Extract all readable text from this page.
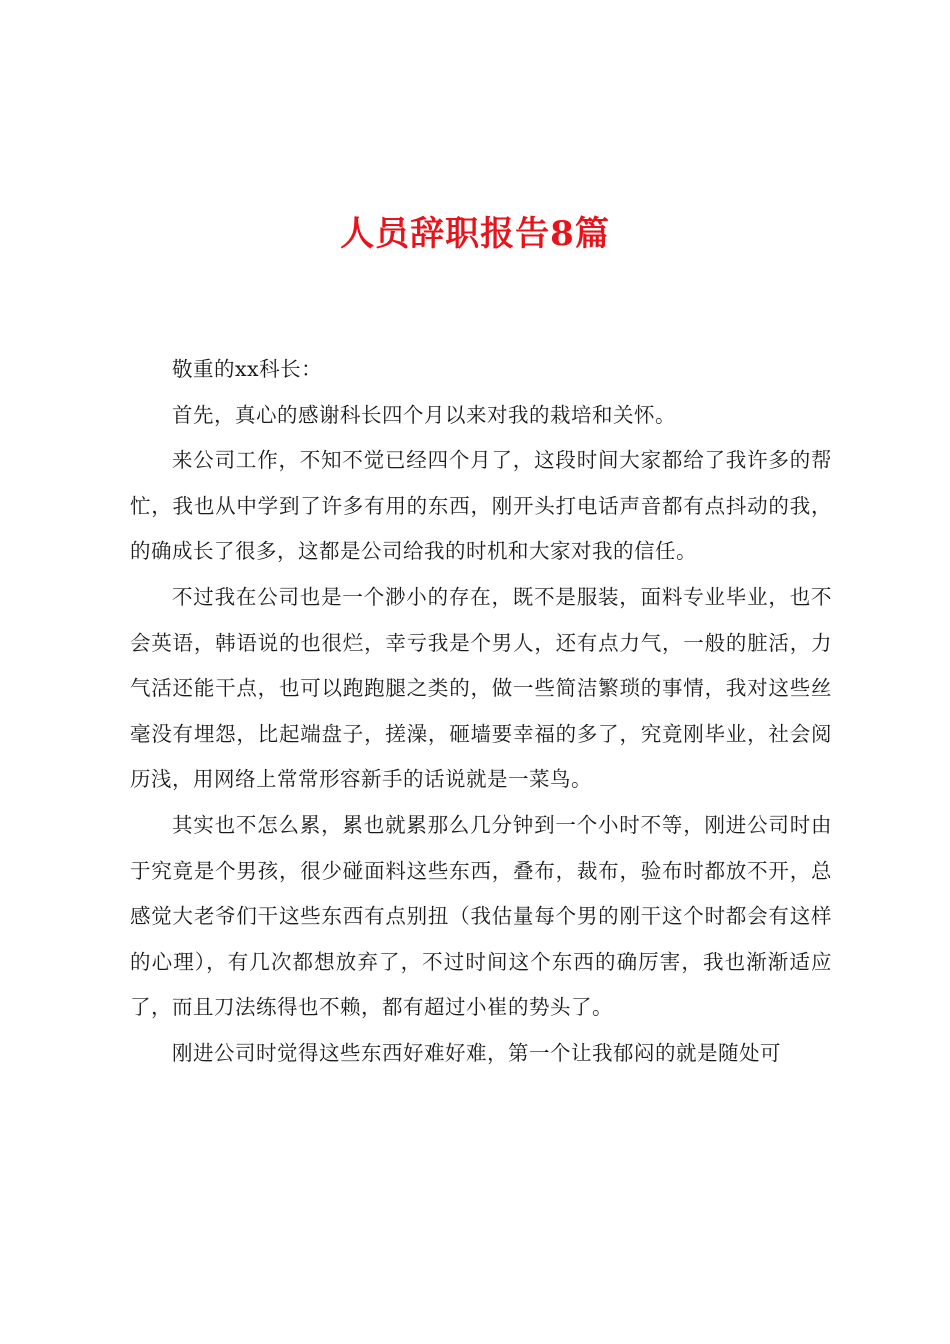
人员辞职报告8篇

敬重的xx科长：

首先，真心的感谢科长四个月以来对我的栽培和关怀。

来公司工作，不知不觉已经四个月了，这段时间大家都给了我许多的帮忙，我也从中学到了许多有用的东西，刚开头打电话声音都有点抖动的我，的确成长了很多，这都是公司给我的时机和大家对我的信任。

不过我在公司也是一个渺小的存在，既不是服装，面料专业毕业，也不会英语，韩语说的也很烂，幸亏我是个男人，还有点力气，一般的脏活，力气活还能干点，也可以跑跑腿之类的，做一些简洁繁琐的事情，我对这些丝毫没有埋怨，比起端盘子，搓澡，砸墙要幸福的多了，究竟刚毕业，社会阅历浅，用网络上常常形容新手的话说就是一菜鸟。

其实也不怎么累，累也就累那么几分钟到一个小时不等，刚进公司时由于究竟是个男孩，很少碰面料这些东西，叠布，裁布，验布时都放不开，总感觉大老爷们干这些东西有点别扭（我估量每个男的刚干这个时都会有这样的心理），有几次都想放弃了，不过时间这个东西的确厉害，我也渐渐适应了，而且刀法练得也不赖，都有超过小崔的势头了。

刚进公司时觉得这些东西好难好难，第一个让我郁闷的就是随处可
